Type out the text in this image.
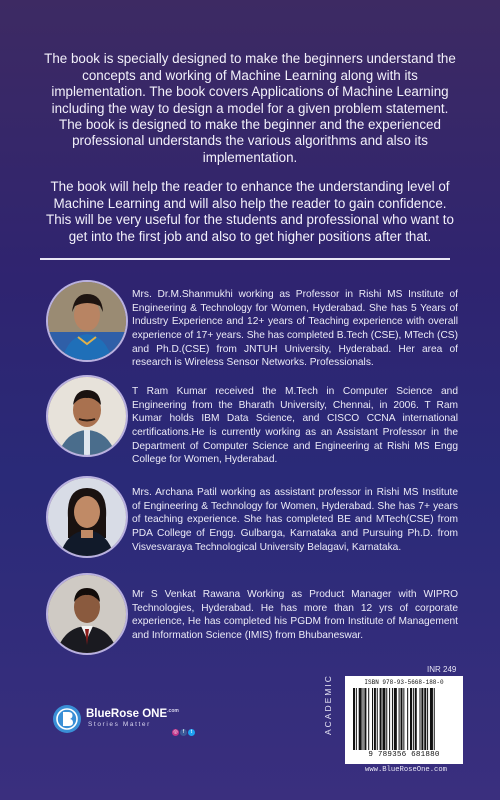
The book is specially designed to make the beginners understand the concepts and working of Machine Learning along with its implementation. The book covers Applications of Machine Learning including the way to design a model for a given problem statement. The book is designed to make the beginner and the experienced professional understands the various algorithms and also its implementation.

The book will help the reader to enhance the understanding level of Machine Learning and will also help the reader to gain confidence. This will be very useful for the students and professional who want to get into the first job and also to get higher positions after that.

Mrs. Dr.M.Shanmukhi working as Professor in Rishi MS Institute of Engineering & Technology for Women, Hyderabad. She has 5 Years of Industry Experience and 12+ years of Teaching experience with overall experience of 17+ years. She has completed B.Tech (CSE), MTech (CS) and Ph.D.(CSE) from JNTUH University, Hyderabad. Her area of research is Wireless Sensor Networks. Professionals.

T Ram Kumar received the M.Tech in Computer Science and Engineering from the Bharath University, Chennai, in 2006. T Ram Kumar holds IBM Data Science, and CISCO CCNA international certifications.He is currently working as an Assistant Professor in the Department of Computer Science and Engineering at Rishi MS Engg College for Women, Hyderabad.

Mrs. Archana Patil working as assistant professor in Rishi MS Institute of Engineering & Technology for Women, Hyderabad. She has 7+ years of teaching experience. She has completed BE and MTech(CSE) from PDA College of Engg. Gulbarga, Karnataka and Pursuing Ph.D. from Visvesvaraya Technological University Belagavi, Karnataka.

Mr S Venkat Rawana Working as Product Manager with WIPRO Technologies, Hyderabad. He has more than 12 yrs of corporate experience, He has completed his PGDM from Institute of Management and Information Science (IMIS) from Bhubaneswar.

BlueRose $ONE^{.com}$
Stories Matter
◎	f	t
INR 249
ACADEMIC	ISBN 978-93-5668-188-0
9 789356 681880
www.BlueRoseOne.com
